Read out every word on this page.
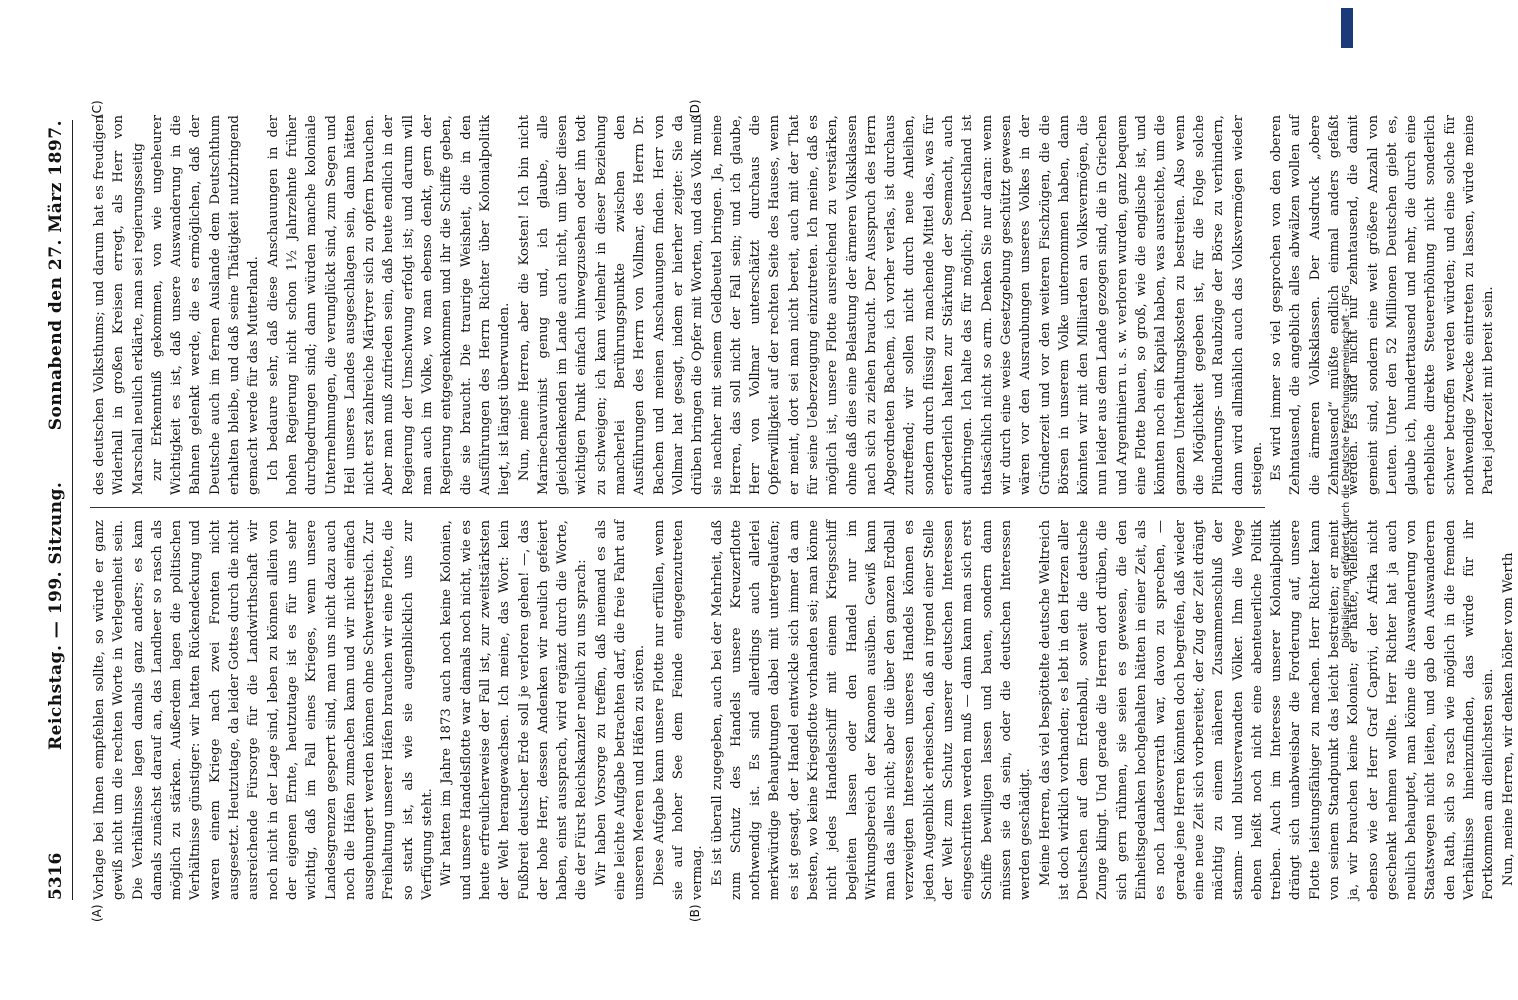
5316
Reichstag. — 199. Sitzung.
Sonnabend den 27. März 1897.
(A)	(B)
(C)	(D)

Vorlage bei Ihnen empfehlen sollte, so würde er ganz gewiß nicht um die rechten Worte in Verlegenheit sein. Die Verhältnisse lagen damals ganz anders; es kam damals zunächst darauf an, das Landheer so rasch als möglich zu stärken. Außerdem lagen die politischen Verhältnisse günstiger: wir hatten Rückendeckung und waren einem Kriege nach zwei Fronten nicht ausgesetzt. Heutzutage, da leider Gottes durch die nicht ausreichende Fürsorge für die Landwirthschaft wir noch nicht in der Lage sind, leben zu können allein von der eigenen Ernte, heutzutage ist es für uns sehr wichtig, daß im Fall eines Krieges, wenn unsere Landesgrenzen gesperrt sind, man uns nicht dazu auch noch die Häfen zumachen kann und wir nicht einfach ausgehungert werden können ohne Schwertstreich. Zur Freihaltung unserer Häfen brauchen wir eine Flotte, die so stark ist, als wie sie augenblicklich uns zur Verfügung steht. Wir hatten im Jahre 1873 auch noch keine Kolonien, und unsere Handelsflotte war damals noch nicht, wie es heute erfreulicherweise der Fall ist, zur zweitstärksten der Welt herangewachsen. Ich meine, das Wort: kein Fußbreit deutscher Erde soll je verloren gehen! —, das der hohe Herr, dessen Andenken wir neulich gefeiert haben, einst aussprach, wird ergänzt durch die Worte, die der Fürst Reichskanzler neulich zu uns sprach: Wir haben Vorsorge zu treffen, daß niemand es als eine leichte Aufgabe betrachten darf, die freie Fahrt auf unseren Meeren und Häfen zu stören. Diese Aufgabe kann unsere Flotte nur erfüllen, wenn sie auf hoher See dem Feinde entgegenzutreten vermag. Es ist überall zugegeben, auch bei der Mehrheit, daß zum Schutz des Handels unsere Kreuzerflotte nothwendig ist. Es sind allerdings auch allerlei merkwürdige Behauptungen dabei mit untergelaufen; es ist gesagt, der Handel entwickle sich immer da am besten, wo keine Kriegsflotte vorhanden sei; man könne nicht jedes Handelsschiff mit einem Kriegsschiff begleiten lassen oder den Handel nur im Wirkungsbereich der Kanonen ausüben. Gewiß kann man das alles nicht; aber die über den ganzen Erdball verzweigten Interessen unseres Handels können es jeden Augenblick erheischen, daß an irgend einer Stelle der Welt zum Schutz unserer deutschen Interessen eingeschritten werden muß — dann kann man sich erst Schiffe bewilligen lassen und bauen, sondern dann müssen sie da sein, oder die deutschen Interessen werden geschädigt. Meine Herren, das viel bespöttelte deutsche Weltreich ist doch wirklich vorhanden; es lebt in den Herzen aller Deutschen auf dem Erdenball, soweit die deutsche Zunge klingt. Und gerade die Herren dort drüben, die sich gern rühmen, sie seien es gewesen, die den Einheitsgedanken hochgehalten hätten in einer Zeit, als es noch Landesverrath war, davon zu sprechen, — gerade jene Herren könnten doch begreifen, daß wieder eine neue Zeit sich vorbereitet; der Zug der Zeit drängt mächtig zu einem näheren Zusammenschluß der stamm- und blutsverwandten Völker. Ihm die Wege ebnen heißt noch nicht eine abenteuerliche Politik treiben. Auch im Interesse unserer Kolonialpolitik drängt sich unabweisbar die Forderung auf, unsere Flotte leistungsfähiger zu machen. Herr Richter kann von seinem Standpunkt das leicht bestreiten; er meint ja, wir brauchen keine Kolonien; er hätte, vielleicht ebenso wie der Herr Graf Caprivi, der Afrika nicht geschenkt nehmen wollte. Herr Richter hat ja auch neulich behauptet, man könne die Auswanderung von Staatswegen nicht leiten, und gab den Auswanderern den Rath, sich so rasch wie möglich in die fremden Verhältnisse hineinzufinden, das würde für ihr Fortkommen am dienlichsten sein. Nun, meine Herren, wir denken höher vom Werth

des deutschen Volksthums; und darum hat es freudigen Widerhall in großen Kreisen erregt, als Herr von Marschall neulich erklärte, man sei regierungsseitig zur Erkenntniß gekommen, von wie ungeheurer Wichtigkeit es ist, daß unsere Auswanderung in die Bahnen gelenkt werde, die es ermöglichen, daß der Deutsche auch im fernen Auslande dem Deutschthum erhalten bleibe, und daß seine Thätigkeit nutzbringend gemacht werde für das Mutterland. Ich bedaure sehr, daß diese Anschauungen in der hohen Regierung nicht schon 1½ Jahrzehnte früher durchgedrungen sind; dann würden manche koloniale Unternehmungen, die verunglückt sind, zum Segen und Heil unseres Landes ausgeschlagen sein, dann hätten nicht erst zahlreiche Märtyrer sich zu opfern brauchen. Aber man muß zufrieden sein, daß heute endlich in der Regierung der Umschwung erfolgt ist; und darum will man auch im Volke, wo man ebenso denkt, gern der Regierung entgegenkommen und ihr die Schiffe geben, die sie braucht. Die traurige Weisheit, die in den Ausführungen des Herrn Richter über Kolonialpolitik liegt, ist längst überwunden. Nun, meine Herren, aber die Kosten! Ich bin nicht Marinechauvinist genug und, ich glaube, alle gleichdenkenden im Lande auch nicht, um über diesen wichtigen Punkt einfach hinwegzusehen oder ihn todt zu schweigen; ich kann vielmehr in dieser Beziehung mancherlei Berührungspunkte zwischen den Ausführungen des Herrn von Vollmar, des Herrn Dr. Bachem und meinen Anschauungen finden. Herr von Vollmar hat gesagt, indem er hierher zeigte: Sie da drüben bringen die Opfer mit Worten, und das Volk muß sie nachher mit seinem Geldbeutel bringen. Ja, meine Herren, das soll nicht der Fall sein; und ich glaube, Herr von Vollmar unterschätzt durchaus die Opferwilligkeit auf der rechten Seite des Hauses, wenn er meint, dort sei man nicht bereit, auch mit der That für seine Ueberzeugung einzutreten. Ich meine, daß es möglich ist, unsere Flotte ausreichend zu verstärken, ohne daß dies eine Belastung der ärmeren Volksklassen nach sich zu ziehen braucht. Der Ausspruch des Herrn Abgeordneten Bachem, ich vorher verlas, ist durchaus zutreffend; wir sollen nicht durch neue Anleihen, sondern durch flüssig zu machende Mittel das, was für erforderlich halten zur Stärkung der Seemacht, auch aufbringen. Ich halte das für möglich; Deutschland ist thatsächlich nicht so arm. Denken Sie nur daran: wenn wir durch eine weise Gesetzgebung geschützt gewesen wären vor den Ausraubungen unseres Volkes in der Gründerzeit und vor den weiteren Fischzügen, die die Börsen in unserem Volke unternommen haben, dann könnten wir mit den Milliarden an Volksvermögen, die nun leider aus dem Lande gezogen sind, die in Griechen und Argentiniern u. s. w. verloren wurden, ganz bequem eine Flotte bauen, so groß, wie die englische ist, und könnten noch ein Kapital haben, was ausreichte, um die ganzen Unterhaltungskosten zu bestreiten. Also wenn die Möglichkeit gegeben ist, für die Folge solche Plünderungs- und Raubzüge der Börse zu verhindern, dann wird allmählich auch das Volksvermögen wieder steigen. Es wird immer so viel gesprochen von den oberen Zehntausend, die angeblich alles abwälzen wollen auf die ärmeren Volksklassen. Der Ausdruck „obere Zehntausend“ müßte endlich einmal anders gefaßt werden. Es sind nicht nur zehntausend, die damit gemeint sind, sondern eine weit größere Anzahl von Leuten. Unter den 52 Millionen Deutschen giebt es, glaube ich, hunderttausend und mehr, die durch eine erhebliche direkte Steuererhöhung nicht sonderlich schwer betroffen werden würden; und eine solche für nothwendige Zwecke eintreten zu lassen, würde meine Partei jederzeit mit bereit sein.

Digitalisierung gefördert durch die Deutsche Forschungsgemeinschaft - DFG
